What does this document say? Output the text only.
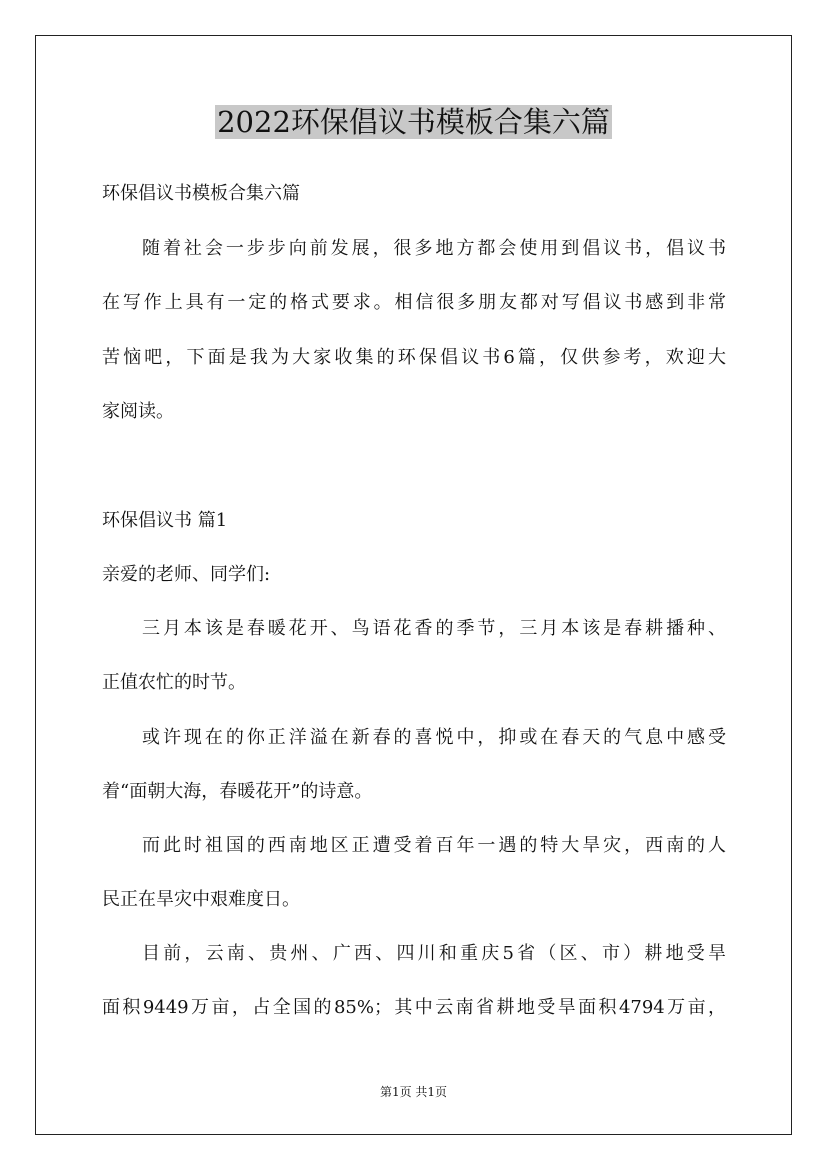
2022环保倡议书模板合集六篇

环保倡议书模板合集六篇

随着社会一步步向前发展，很多地方都会使用到倡议书，倡议书

在写作上具有一定的格式要求。相信很多朋友都对写倡议书感到非常

苦恼吧，下面是我为大家收集的环保倡议书6篇，仅供参考，欢迎大

家阅读。

环保倡议书 篇1

亲爱的老师、同学们:

三月本该是春暖花开、鸟语花香的季节，三月本该是春耕播种、

正值农忙的时节。

或许现在的你正洋溢在新春的喜悦中，抑或在春天的气息中感受

着“面朝大海，春暖花开”的诗意。

而此时祖国的西南地区正遭受着百年一遇的特大旱灾，西南的人

民正在旱灾中艰难度日。

目前，云南、贵州、广西、四川和重庆5省（区、市）耕地受旱

面积9449万亩，占全国的85%；其中云南省耕地受旱面积4794万亩，

第1页 共1页
